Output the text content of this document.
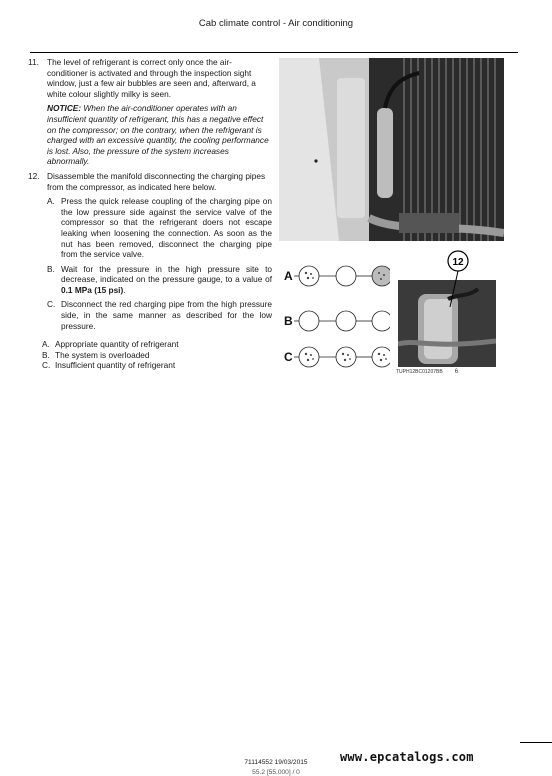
Cab climate control - Air conditioning
11. The level of refrigerant is correct only once the air-conditioner is activated and through the inspection sight window, just a few air bubbles are seen and, afterward, a white colour slightly milky is seen.

NOTICE: When the air-conditioner operates with an insufficient quantity of refrigerant, this has a negative effect on the compressor; on the contrary, when the refrigerant is charged with an excessive quantity, the cooling performance is lost. Also, the pressure of the system increases abnormally.
12. Disassemble the manifold disconnecting the charging pipes from the compressor, as indicated here below.

A. Press the quick release coupling of the charging pipe on the low pressure side against the service valve of the compressor so that the refrigerant doers not escape leaking when loosening the connection. As soon as the nut has been removed, disconnect the charging pipe from the service valve.
B. Wait for the pressure in the high pressure site to decrease, indicated on the pressure gauge, to a value of 0.1 MPa (15 psi).
C. Disconnect the red charging pipe from the high pressure side, in the same manner as described for the low pressure.
A. Appropriate quantity of refrigerant
B. The system is overloaded
C. Insufficient quantity of refrigerant
A
B
C
12
TUPH12BC01207BB 6
www.epcatalogs.com
71114552 19/03/2015
55.2 [55.000] / 0
